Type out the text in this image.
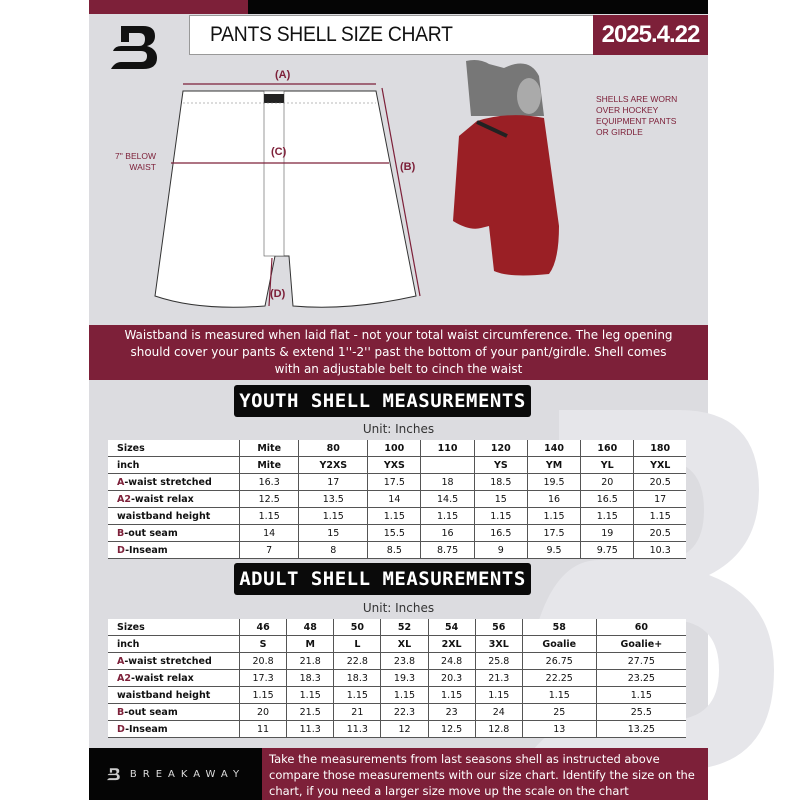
PANTS SHELL SIZE CHART	2025.4.22
(A)
(C)
(B)
(D)
7'' BELOW
WAIST
SHELLS ARE WORN
OVER HOCKEY
EQUIPMENT PANTS
OR GIRDLE

Waistband is measured when laid flat - not your total waist circumference. The leg opening should cover your pants & extend 1''-2'' past the bottom of your pant/girdle. Shell comes with an adjustable belt to cinch the waist

YOUTH SHELL MEASUREMENTS
Unit: Inches
Sizes	Mite	80	100	110	120	140	160	180
inch	Mite	Y2XS	YXS		YS	YM	YL	YXL
A-waist stretched	16.3	17	17.5	18	18.5	19.5	20	20.5
A2-waist relax	12.5	13.5	14	14.5	15	16	16.5	17
waistband height	1.15	1.15	1.15	1.15	1.15	1.15	1.15	1.15
B-out seam	14	15	15.5	16	16.5	17.5	19	20.5
D-Inseam	7	8	8.5	8.75	9	9.5	9.75	10.3
ADULT SHELL MEASUREMENTS
Unit: Inches
Sizes	46	48	50	52	54	56	58	60
inch	S	M	L	XL	2XL	3XL	Goalie	Goalie+
A-waist stretched	20.8	21.8	22.8	23.8	24.8	25.8	26.75	27.75
A2-waist relax	17.3	18.3	18.3	19.3	20.3	21.3	22.25	23.25
waistband height	1.15	1.15	1.15	1.15	1.15	1.15	1.15	1.15
B-out seam	20	21.5	21	22.3	23	24	25	25.5
D-Inseam	11	11.3	11.3	12	12.5	12.8	13	13.25
BREAKAWAY
Take the measurements from last seasons shell as instructed above compare those measurements with our size chart. Identify the size on the chart, if you need a larger size move up the scale on the chart
